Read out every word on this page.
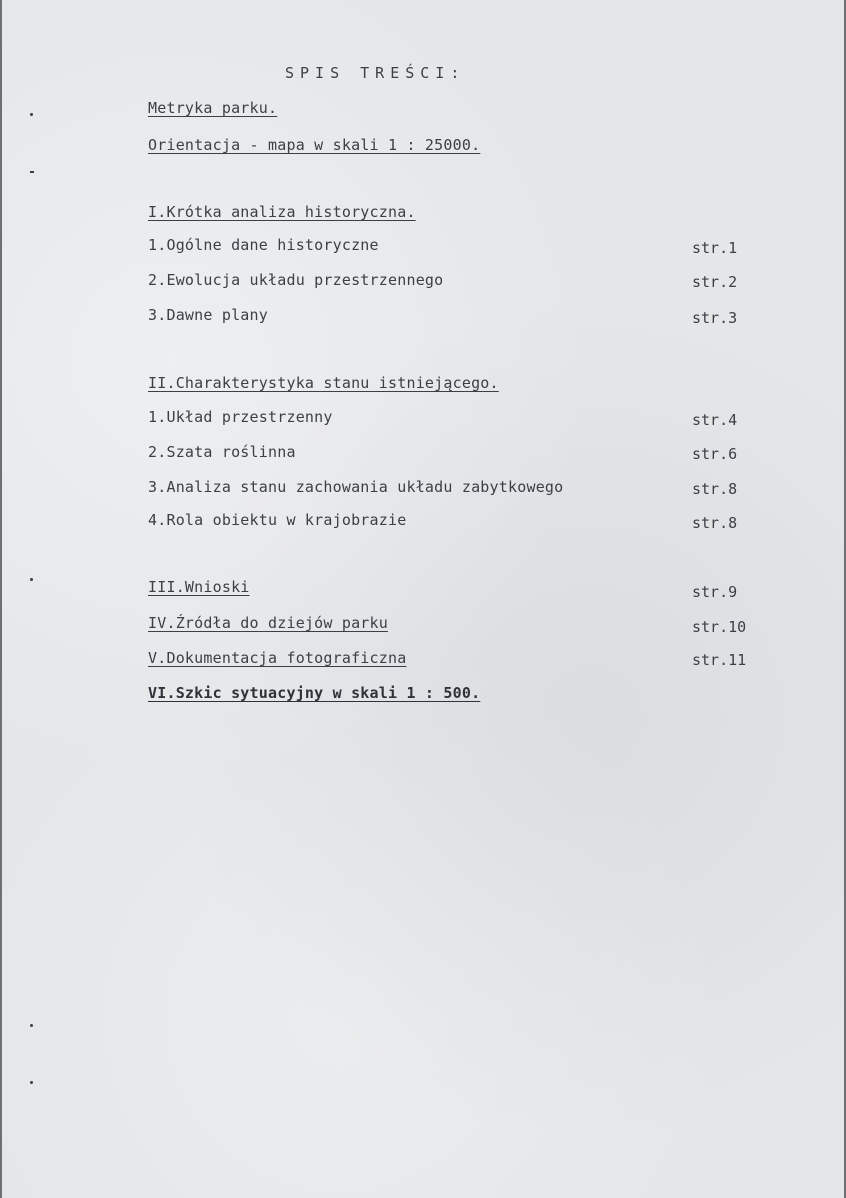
SPIS TREŚCI:
Metryka parku.
Orientacja - mapa w skali 1 : 25000.
I.Krótka analiza historyczna.
1.Ogólne dane historyczne	str.1
2.Ewolucja układu przestrzennego	str.2
3.Dawne plany	str.3
II.Charakterystyka stanu istniejącego.
1.Układ przestrzenny	str.4
2.Szata roślinna	str.6
3.Analiza stanu zachowania układu zabytkowego	str.8
4.Rola obiektu w krajobrazie	str.8
III.Wnioski	str.9
IV.Źródła do dziejów parku	str.10
V.Dokumentacja fotograficzna	str.11
VI.Szkic sytuacyjny w skali 1 : 500.
